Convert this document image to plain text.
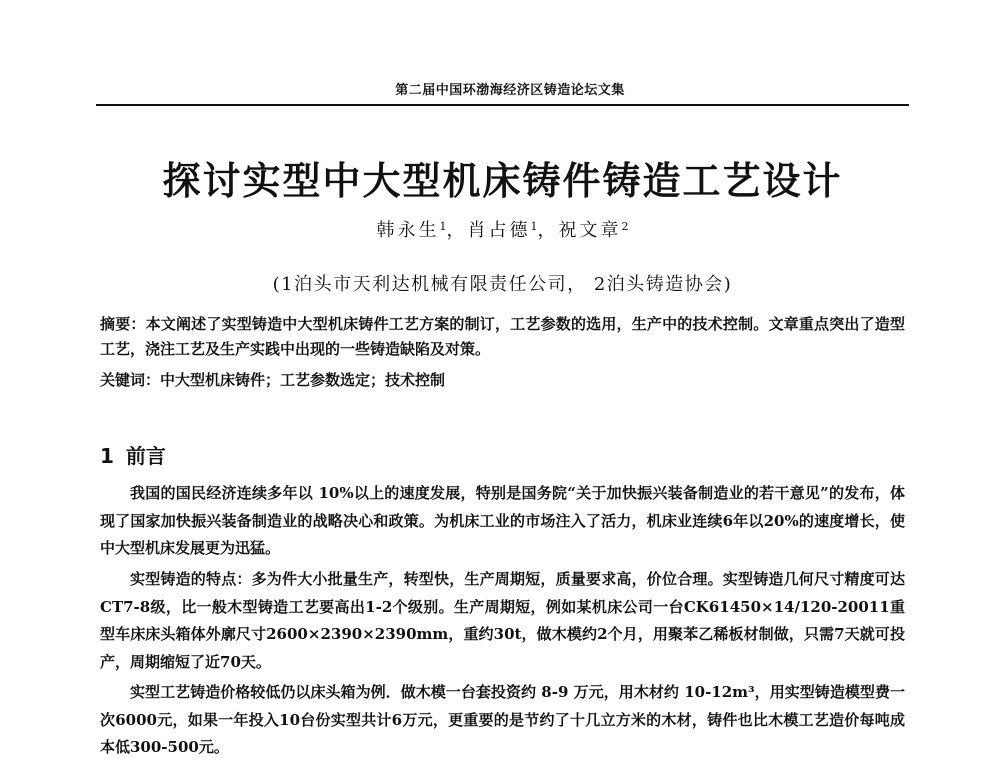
第二届中国环渤海经济区铸造论坛文集
探讨实型中大型机床铸件铸造工艺设计
韩永生$^1$，肖占德$^1$，祝文章$^2$
(1泊头市天利达机械有限责任公司， 2泊头铸造协会)
摘要：本文阐述了实型铸造中大型机床铸件工艺方案的制订，工艺参数的选用，生产中的技术控制。文章重点突出了造型工艺，浇注工艺及生产实践中出现的一些铸造缺陷及对策。
关键词：中大型机床铸件；工艺参数选定；技术控制
1 前言

我国的国民经济连续多年以 10%以上的速度发展，特别是国务院“关于加快振兴装备制造业的若干意见”的发布，体现了国家加快振兴装备制造业的战略决心和政策。为机床工业的市场注入了活力，机床业连续6年以20%的速度增长，使中大型机床发展更为迅猛。

实型铸造的特点：多为件大小批量生产，转型快，生产周期短，质量要求高，价位合理。实型铸造几何尺寸精度可达CT7-8级，比一般木型铸造工艺要高出1-2个级别。生产周期短，例如某机床公司一台CK61450×14/120-20011重型车床床头箱体外廓尺寸2600×2390×2390mm，重约30t，做木模约2个月，用聚苯乙稀板材制做，只需7天就可投产，周期缩短了近70天。

实型工艺铸造价格较低仍以床头箱为例．做木模一台套投资约 8-9 万元，用木材约 10-12m³，用实型铸造模型费一次6000元，如果一年投入10台份实型共计6万元，更重要的是节约了十几立方米的木材，铸件也比木模工艺造价每吨成本低300-500元。
